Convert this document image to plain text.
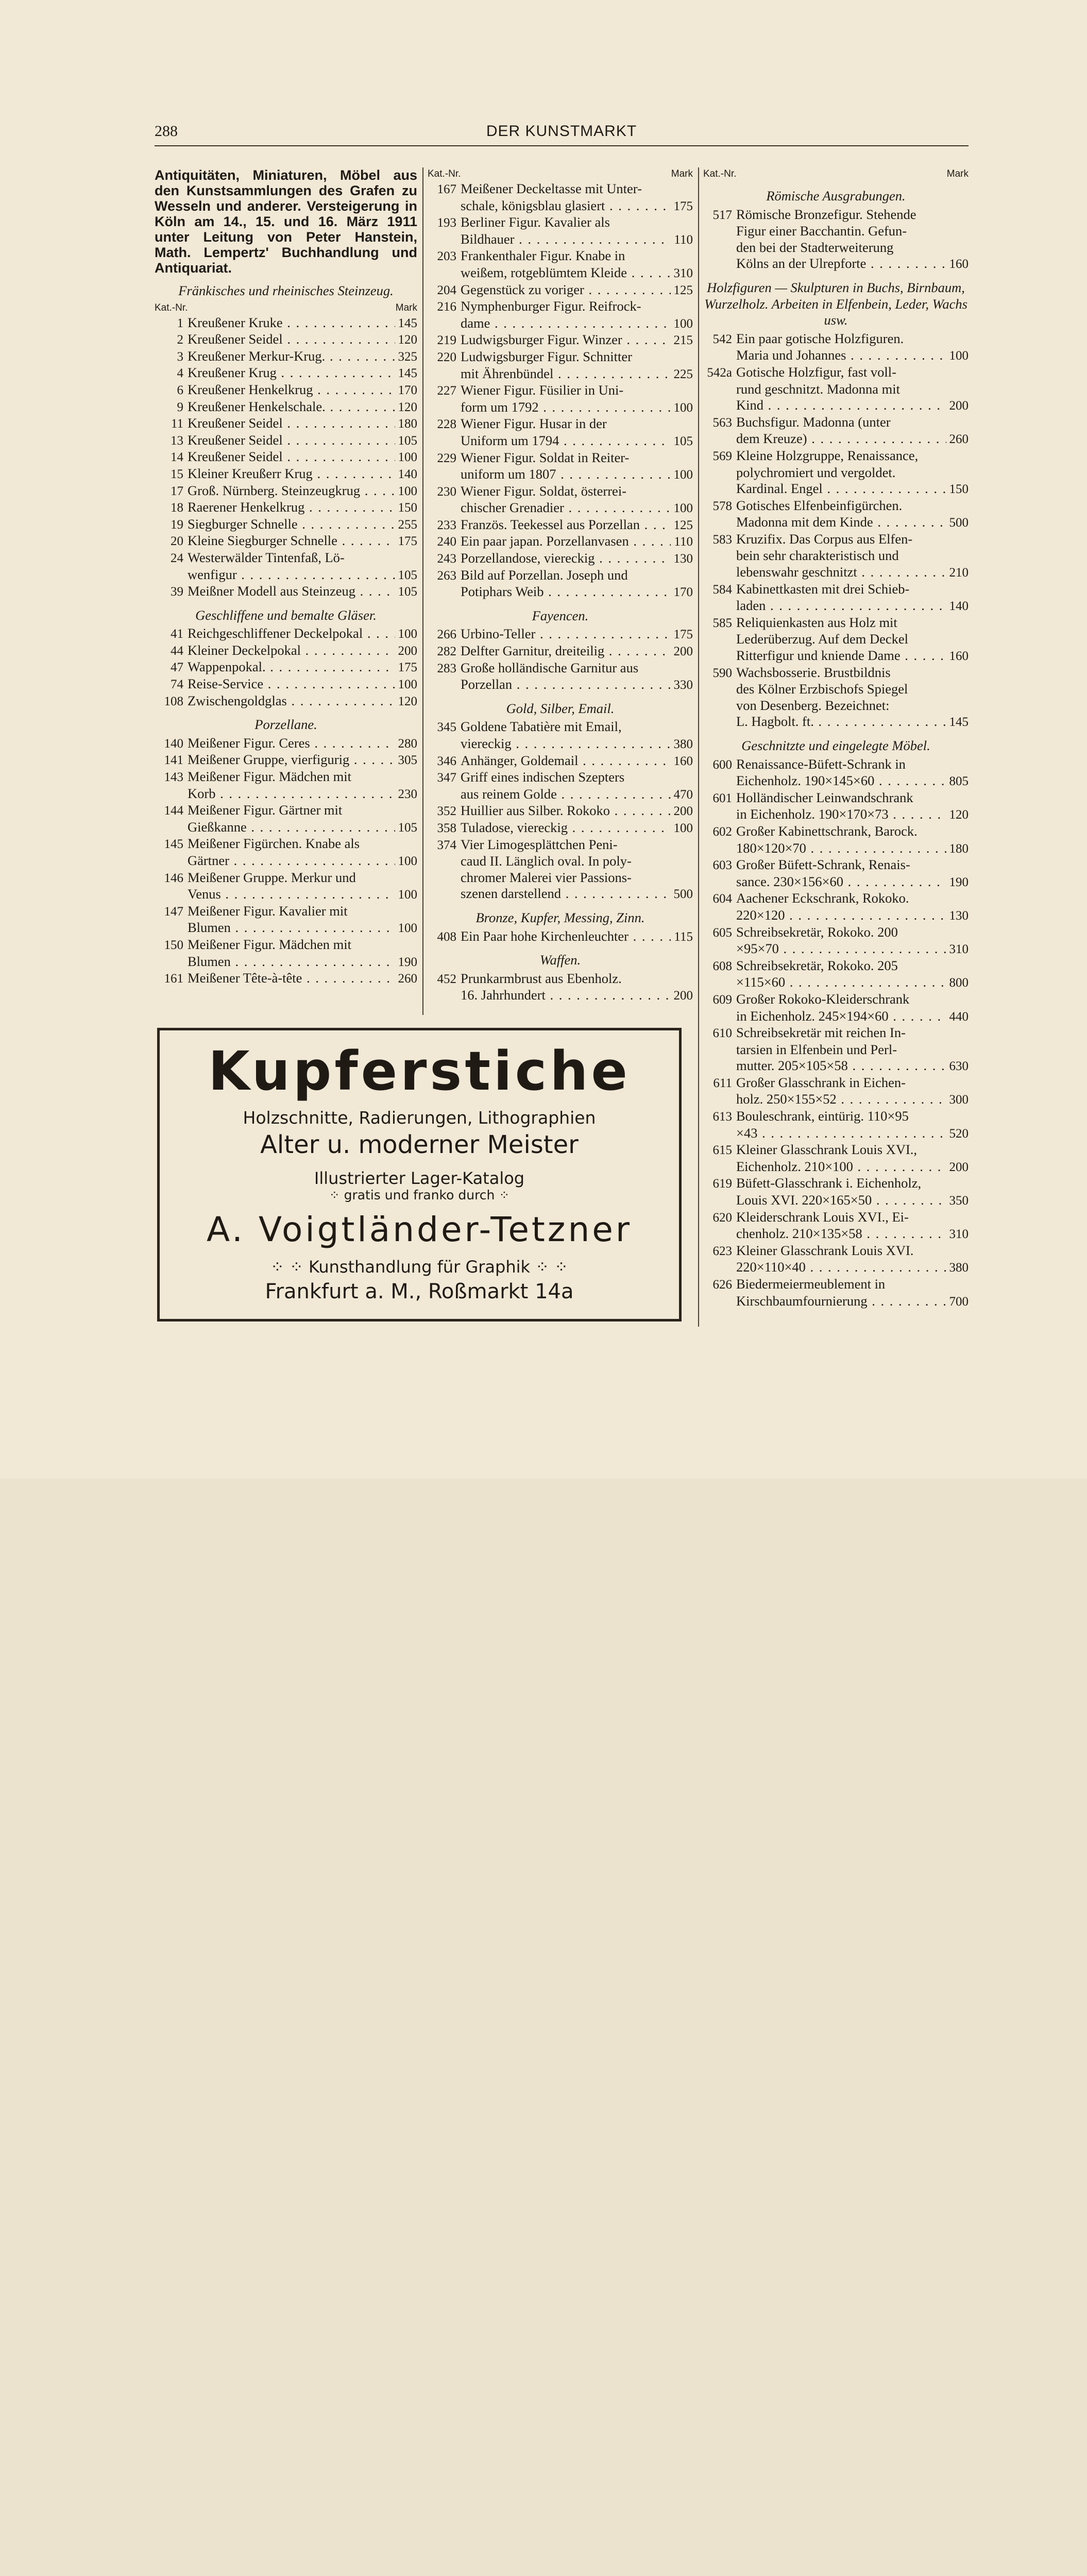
288	DER KUNSTMARKT
Antiquitäten, Miniaturen, Möbel aus den Kunstsammlungen des Grafen zu Wesseln und anderer. Versteigerung in Köln am 14., 15. und 16. März 1911 unter Leitung von Peter Hanstein, Math. Lempertz' Buchhandlung und Antiquariat.
Fränkisches und rheinisches Steinzeug.
Kat.-Nr.	Mark
1 Kreußener Kruke . . .	145
2 Kreußener Seidel . . .	120
3 Kreußener Merkur-Krug. . . .	325
4 Kreußener Krug . . .	145
6 Kreußener Henkelkrug . . .	170
9 Kreußener Henkelschale. . . .	120
11 Kreußener Seidel . . .	180
13 Kreußener Seidel . . .	105
14 Kreußener Seidel . . .	100
15 Kleiner Kreußerr Krug . . .	140
17 Groß. Nürnberg. Steinzeugkrug . . .	100
18 Raerener Henkelkrug . . .	150
19 Siegburger Schnelle . . .	255
20 Kleine Siegburger Schnelle . . .	175
24 Westerwälder Tintenfaß, Lö-
wenfigur . . .	105
39 Meißner Modell aus Steinzeug . . .	105
Geschliffene und bemalte Gläser.
41 Reichgeschliffener Deckelpokal . . .	100
44 Kleiner Deckelpokal . . .	200
47 Wappenpokal. . . .	175
74 Reise-Service . . .	100
108 Zwischengoldglas . . .	120
Porzellane.
140 Meißener Figur. Ceres . . .	280
141 Meißener Gruppe, vierfigurig . . .	305
143 Meißener Figur. Mädchen mit
Korb . . .	230
144 Meißener Figur. Gärtner mit
Gießkanne . . .	105
145 Meißener Figürchen. Knabe als
Gärtner . . .	100
146 Meißener Gruppe. Merkur und
Venus . . .	100
147 Meißener Figur. Kavalier mit
Blumen . . .	100
150 Meißener Figur. Mädchen mit
Blumen . . .	190
161 Meißener Tête-à-tête . . .	260
Kat.-Nr.	Mark
167 Meißener Deckeltasse mit Unter-
schale, königsblau glasiert . . .	175
193 Berliner Figur. Kavalier als
Bildhauer . . .	110
203 Frankenthaler Figur. Knabe in
weißem, rotgeblümtem Kleide . . .	310
204 Gegenstück zu voriger . . .	125
216 Nymphenburger Figur. Reifrock-
dame . . .	100
219 Ludwigsburger Figur. Winzer . . .	215
220 Ludwigsburger Figur. Schnitter
mit Ährenbündel . . .	225
227 Wiener Figur. Füsilier in Uni-
form um 1792 . . .	100
228 Wiener Figur. Husar in der
Uniform um 1794 . . .	105
229 Wiener Figur. Soldat in Reiter-
uniform um 1807 . . .	100
230 Wiener Figur. Soldat, österrei-
chischer Grenadier . . .	100
233 Französ. Teekessel aus Porzellan . . .	125
240 Ein paar japan. Porzellanvasen . . .	110
243 Porzellandose, viereckig . . .	130
263 Bild auf Porzellan. Joseph und
Potiphars Weib . . .	170
Fayencen.
266 Urbino-Teller . . .	175
282 Delfter Garnitur, dreiteilig . . .	200
283 Große holländische Garnitur aus
Porzellan . . .	330
Gold, Silber, Email.
345 Goldene Tabatière mit Email,
viereckig . . .	380
346 Anhänger, Goldemail . . .	160
347 Griff eines indischen Szepters
aus reinem Golde . . .	470
352 Huillier aus Silber. Rokoko . . .	200
358 Tuladose, viereckig . . .	100
374 Vier Limogesplättchen Peni-
caud II. Länglich oval. In poly-
chromer Malerei vier Passions-
szenen darstellend . . .	500
Bronze, Kupfer, Messing, Zinn.
408 Ein Paar hohe Kirchenleuchter . . .	115
Waffen.
452 Prunkarmbrust aus Ebenholz.
16. Jahrhundert . . .	200
Kat.-Nr.	Mark
Römische Ausgrabungen.
517 Römische Bronzefigur. Stehende
Figur einer Bacchantin. Gefun-
den bei der Stadterweiterung
Kölns an der Ulrepforte . . .	160
Holzfiguren — Skulpturen in Buchs, Birnbaum, Wurzelholz. Arbeiten in Elfenbein, Leder, Wachs usw.
542 Ein paar gotische Holzfiguren.
Maria und Johannes . . .	100
542a Gotische Holzfigur, fast voll-
rund geschnitzt. Madonna mit
Kind . . .	200
563 Buchsfigur. Madonna (unter
dem Kreuze) . . .	260
569 Kleine Holzgruppe, Renaissance,
polychromiert und vergoldet.
Kardinal. Engel . . .	150
578 Gotisches Elfenbeinfigürchen.
Madonna mit dem Kinde . . .	500
583 Kruzifix. Das Corpus aus Elfen-
bein sehr charakteristisch und
lebenswahr geschnitzt . . .	210
584 Kabinettkasten mit drei Schieb-
laden . . .	140
585 Reliquienkasten aus Holz mit
Lederüberzug. Auf dem Deckel
Ritterfigur und kniende Dame . . .	160
590 Wachsbosserie. Brustbildnis
des Kölner Erzbischofs Spiegel
von Desenberg. Bezeichnet:
L. Hagbolt. ft. . . .	145
Geschnitzte und eingelegte Möbel.
600 Renaissance-Büfett-Schrank in
Eichenholz. 190×145×60 . . .	805
601 Holländischer Leinwandschrank
in Eichenholz. 190×170×73 . . .	120
602 Großer Kabinettschrank, Barock.
180×120×70 . . .	180
603 Großer Büfett-Schrank, Renais-
sance. 230×156×60 . . .	190
604 Aachener Eckschrank, Rokoko.
220×120 . . .	130
605 Schreibsekretär, Rokoko. 200
×95×70 . . .	310
608 Schreibsekretär, Rokoko. 205
×115×60 . . .	800
609 Großer Rokoko-Kleiderschrank
in Eichenholz. 245×194×60 . . .	440
610 Schreibsekretär mit reichen In-
tarsien in Elfenbein und Perl-
mutter. 205×105×58 . . .	630
611 Großer Glasschrank in Eichen-
holz. 250×155×52 . . .	300
613 Bouleschrank, eintürig. 110×95
×43 . . .	520
615 Kleiner Glasschrank Louis XVI.,
Eichenholz. 210×100 . . .	200
619 Büfett-Glasschrank i. Eichenholz,
Louis XVI. 220×165×50 . . .	350
620 Kleiderschrank Louis XVI., Ei-
chenholz. 210×135×58 . . .	310
623 Kleiner Glasschrank Louis XVI.
220×110×40 . . .	380
626 Biedermeiermeublement in
Kirschbaumfournierung . . .	700
Kupferstiche
Holzschnitte, Radierungen, Lithographien
Alter u. moderner Meister
Illustrierter Lager-Katalog
⁘ gratis und franko durch ⁘
A. Voigtländer-Tetzner
⁘ ⁘ Kunsthandlung für Graphik ⁘ ⁘
Frankfurt a. M., Roßmarkt 14a
